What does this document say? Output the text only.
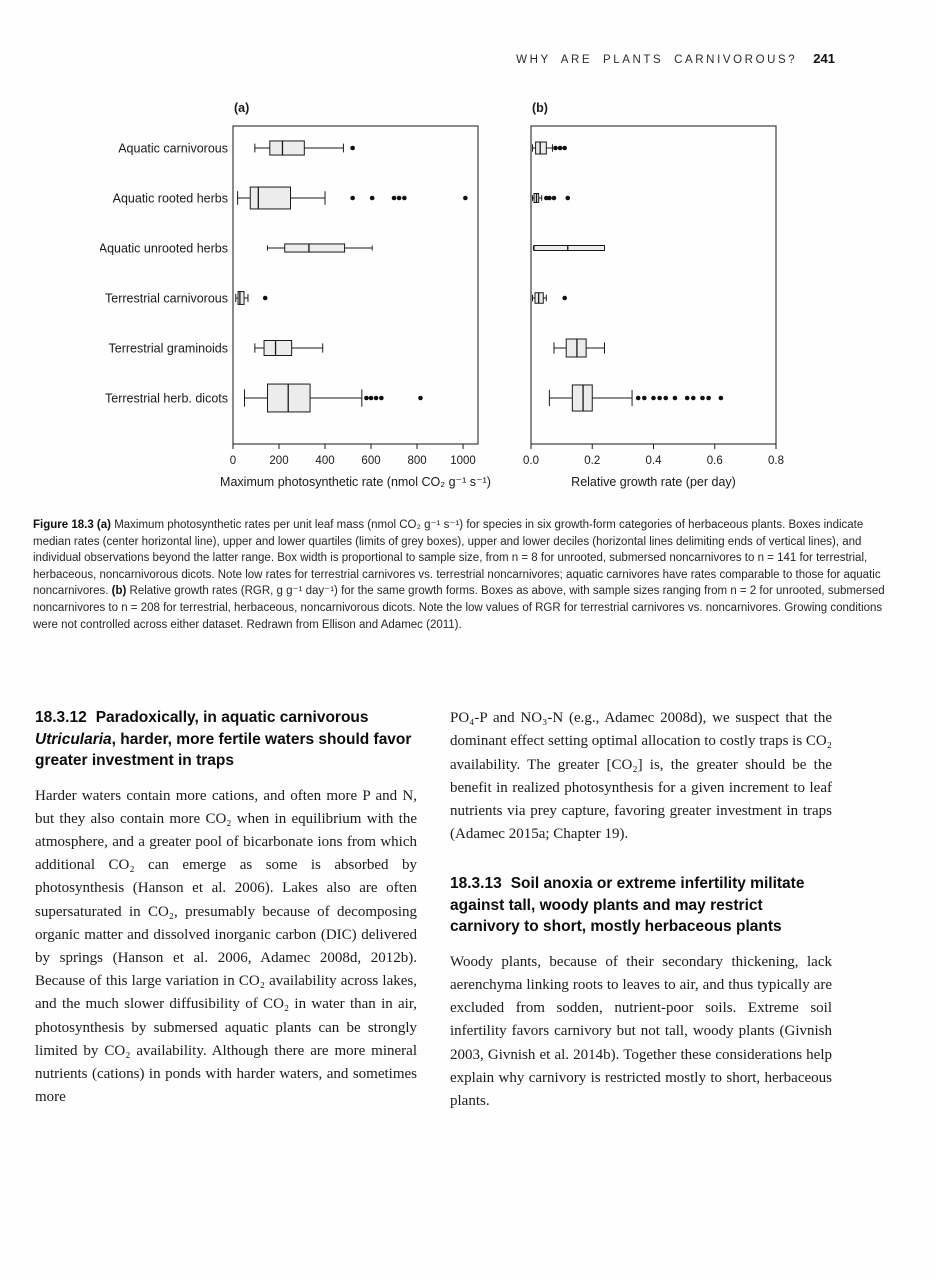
WHY ARE PLANTS CARNIVOROUS? 241
(a)
0	200 400 600 800 1000
Maximum photosynthetic rate (nmol CO₂ g⁻¹ s⁻¹)
Aquatic carnivorous
Aquatic rooted herbs
Aquatic unrooted herbs
Terrestrial carnivorous
Terrestrial graminoids
Terrestrial herb. dicots
(b)
0.0	0.2	0.4	0.6	0.8
Relative growth rate (per day)

Figure 18.3 (a) Maximum photosynthetic rates per unit leaf mass (nmol CO₂ g⁻¹ s⁻¹) for species in six growth-form categories of herbaceous plants. Boxes indicate median rates (center horizontal line), upper and lower quartiles (limits of grey boxes), upper and lower deciles (horizontal lines delimiting ends of vertical lines), and individual observations beyond the latter range. Box width is proportional to sample size, from n = 8 for unrooted, submersed noncarnivores to n = 141 for terrestrial, herbaceous, noncarnivorous dicots. Note low rates for terrestrial carnivores vs. terrestrial noncarnivores; aquatic carnivores have rates comparable to those for aquatic noncarnivores. (b) Relative growth rates (RGR, g g⁻¹ day⁻¹) for the same growth forms. Boxes as above, with sample sizes ranging from n = 2 for unrooted, submersed noncarnivores to n = 208 for terrestrial, herbaceous, noncarnivorous dicots. Note the low values of RGR for terrestrial carnivores vs. noncarnivores. Growing conditions were not controlled across either dataset. Redrawn from Ellison and Adamec (2011).

18.3.12 Paradoxically, in aquatic carnivorous Utricularia, harder, more fertile waters should favor greater investment in traps

Harder waters contain more cations, and often more P and N, but they also contain more CO₂ when in equilibrium with the atmosphere, and a greater pool of bicarbonate ions from which additional CO₂ can emerge as some is absorbed by photosynthesis (Hanson et al. 2006). Lakes also are often supersaturated in CO₂, presumably because of decomposing organic matter and dissolved inorganic carbon (DIC) delivered by springs (Hanson et al. 2006, Adamec 2008d, 2012b). Because of this large variation in CO₂ availability across lakes, and the much slower diffusibility of CO₂ in water than in air, photosynthesis by submersed aquatic plants can be strongly limited by CO₂ availability. Although there are more mineral nutrients (cations) in ponds with harder waters, and sometimes more

PO₄-P and NO₃-N (e.g., Adamec 2008d), we suspect that the dominant effect setting optimal allocation to costly traps is CO₂ availability. The greater [CO₂] is, the greater should be the benefit in realized photosynthesis for a given increment to leaf nutrients via prey capture, favoring greater investment in traps (Adamec 2015a; Chapter 19).

18.3.13 Soil anoxia or extreme infertility militate against tall, woody plants and may restrict carnivory to short, mostly herbaceous plants

Woody plants, because of their secondary thickening, lack aerenchyma linking roots to leaves to air, and thus typically are excluded from sodden, nutrient-poor soils. Extreme soil infertility favors carnivory but not tall, woody plants (Givnish 2003, Givnish et al. 2014b). Together these considerations help explain why carnivory is restricted mostly to short, herbaceous plants.
